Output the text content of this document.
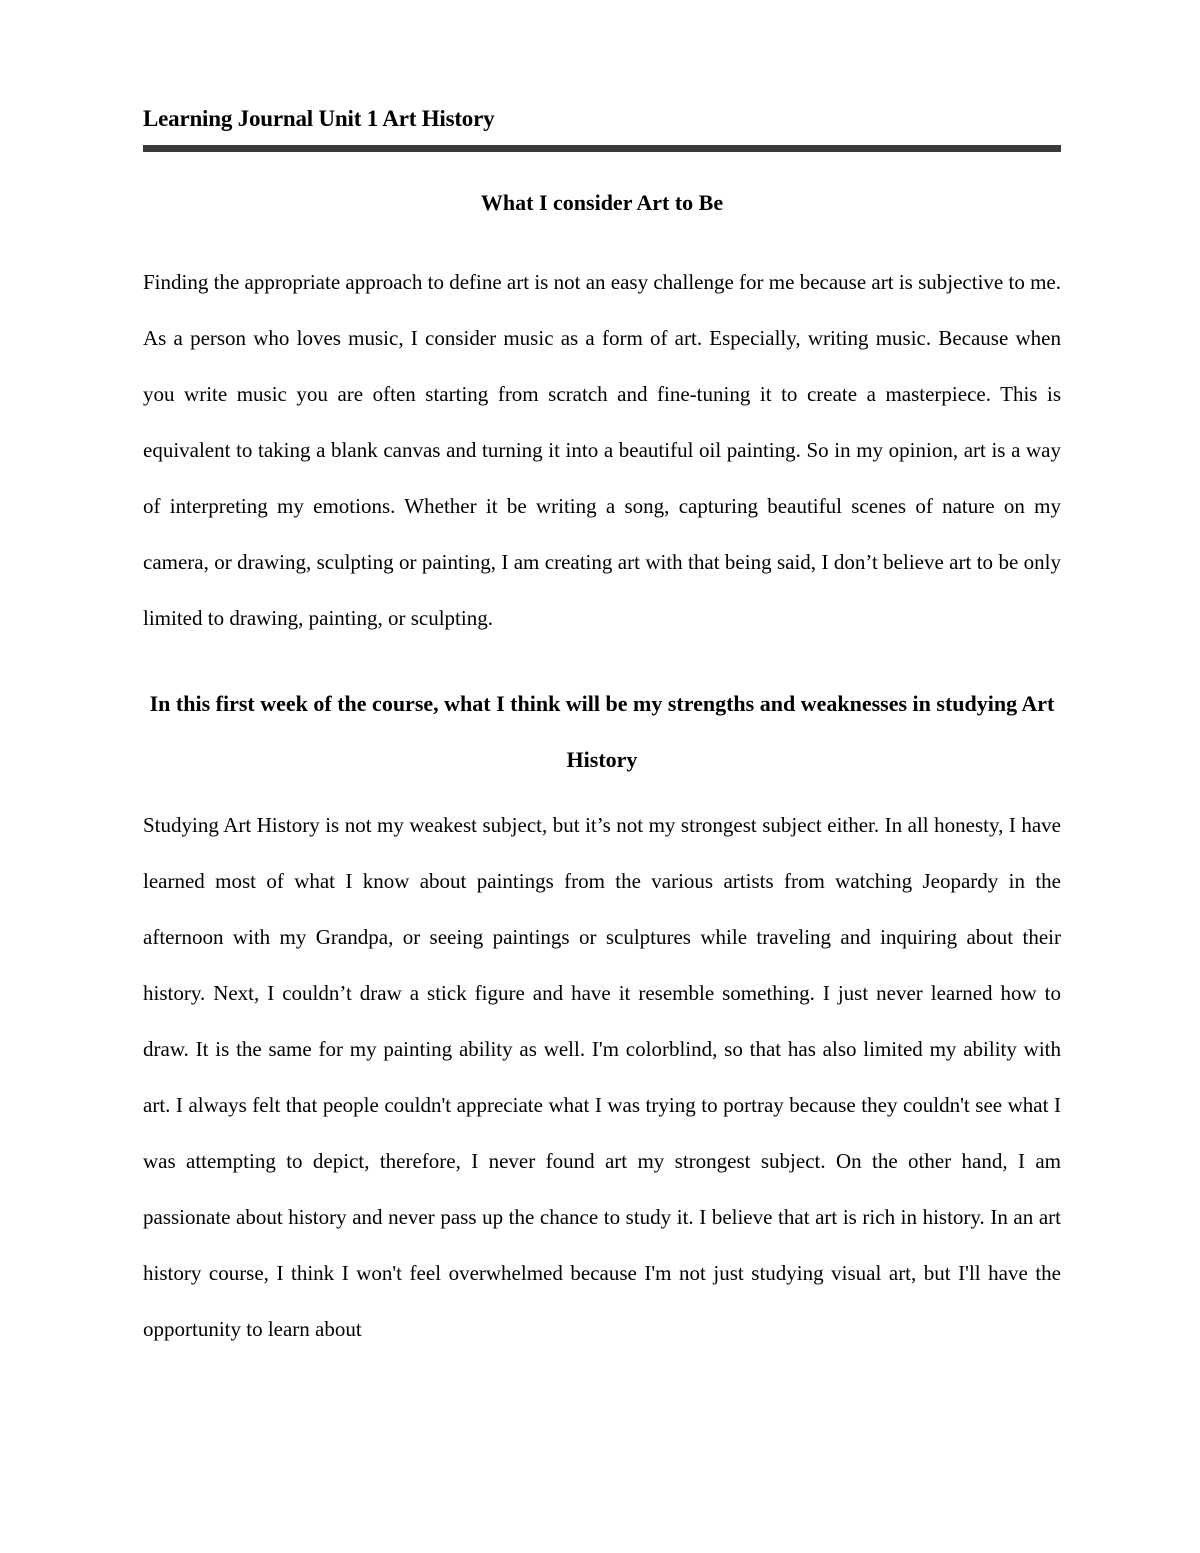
Learning Journal Unit 1 Art History
What I consider Art to Be

Finding the appropriate approach to define art is not an easy challenge for me because art is subjective to me. As a person who loves music, I consider music as a form of art. Especially, writing music. Because when you write music you are often starting from scratch and fine-tuning it to create a masterpiece. This is equivalent to taking a blank canvas and turning it into a beautiful oil painting. So in my opinion, art is a way of interpreting my emotions. Whether it be writing a song, capturing beautiful scenes of nature on my camera, or drawing, sculpting or painting, I am creating art with that being said, I don’t believe art to be only limited to drawing, painting, or sculpting.

In this first week of the course, what I think will be my strengths and weaknesses in studying Art History

Studying Art History is not my weakest subject, but it’s not my strongest subject either. In all honesty, I have learned most of what I know about paintings from the various artists from watching Jeopardy in the afternoon with my Grandpa, or seeing paintings or sculptures while traveling and inquiring about their history. Next, I couldn’t draw a stick figure and have it resemble something. I just never learned how to draw. It is the same for my painting ability as well. I'm colorblind, so that has also limited my ability with art. I always felt that people couldn't appreciate what I was trying to portray because they couldn't see what I was attempting to depict, therefore, I never found art my strongest subject. On the other hand, I am passionate about history and never pass up the chance to study it. I believe that art is rich in history. In an art history course, I think I won't feel overwhelmed because I'm not just studying visual art, but I'll have the opportunity to learn about
